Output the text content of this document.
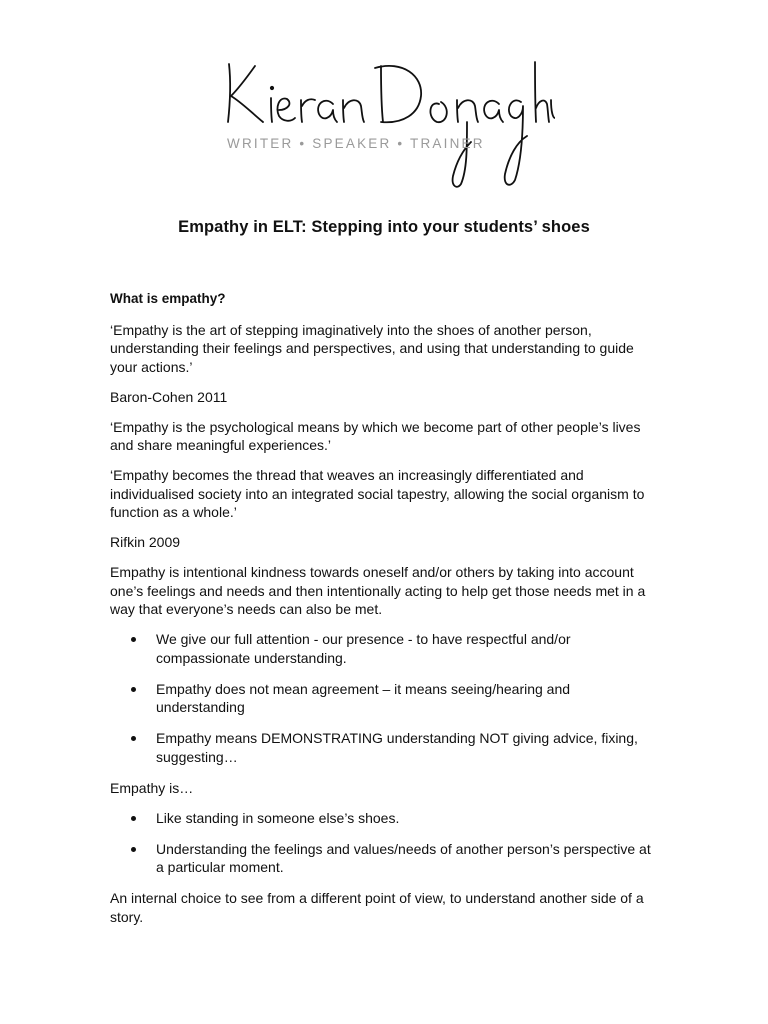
WRITER • SPEAKER • TRAINER
Empathy in ELT: Stepping into your students’ shoes
What is empathy?

‘Empathy is the art of stepping imaginatively into the shoes of another person, understanding their feelings and perspectives, and using that understanding to guide your actions.’

Baron-Cohen 2011

‘Empathy is the psychological means by which we become part of other people’s lives and share meaningful experiences.’

‘Empathy becomes the thread that weaves an increasingly differentiated and individualised society into an integrated social tapestry, allowing the social organism to function as a whole.’

Rifkin 2009

Empathy is intentional kindness towards oneself and/or others by taking into account one’s feelings and needs and then intentionally acting to help get those needs met in a way that everyone’s needs can also be met.

We give our full attention - our presence - to have respectful and/or compassionate understanding.
Empathy does not mean agreement – it means seeing/hearing and understanding
Empathy means DEMONSTRATING understanding NOT giving advice, fixing, suggesting…

Empathy is…

Like standing in someone else’s shoes.
Understanding the feelings and values/needs of another person’s perspective at a particular moment.

An internal choice to see from a different point of view, to understand another side of a story.
